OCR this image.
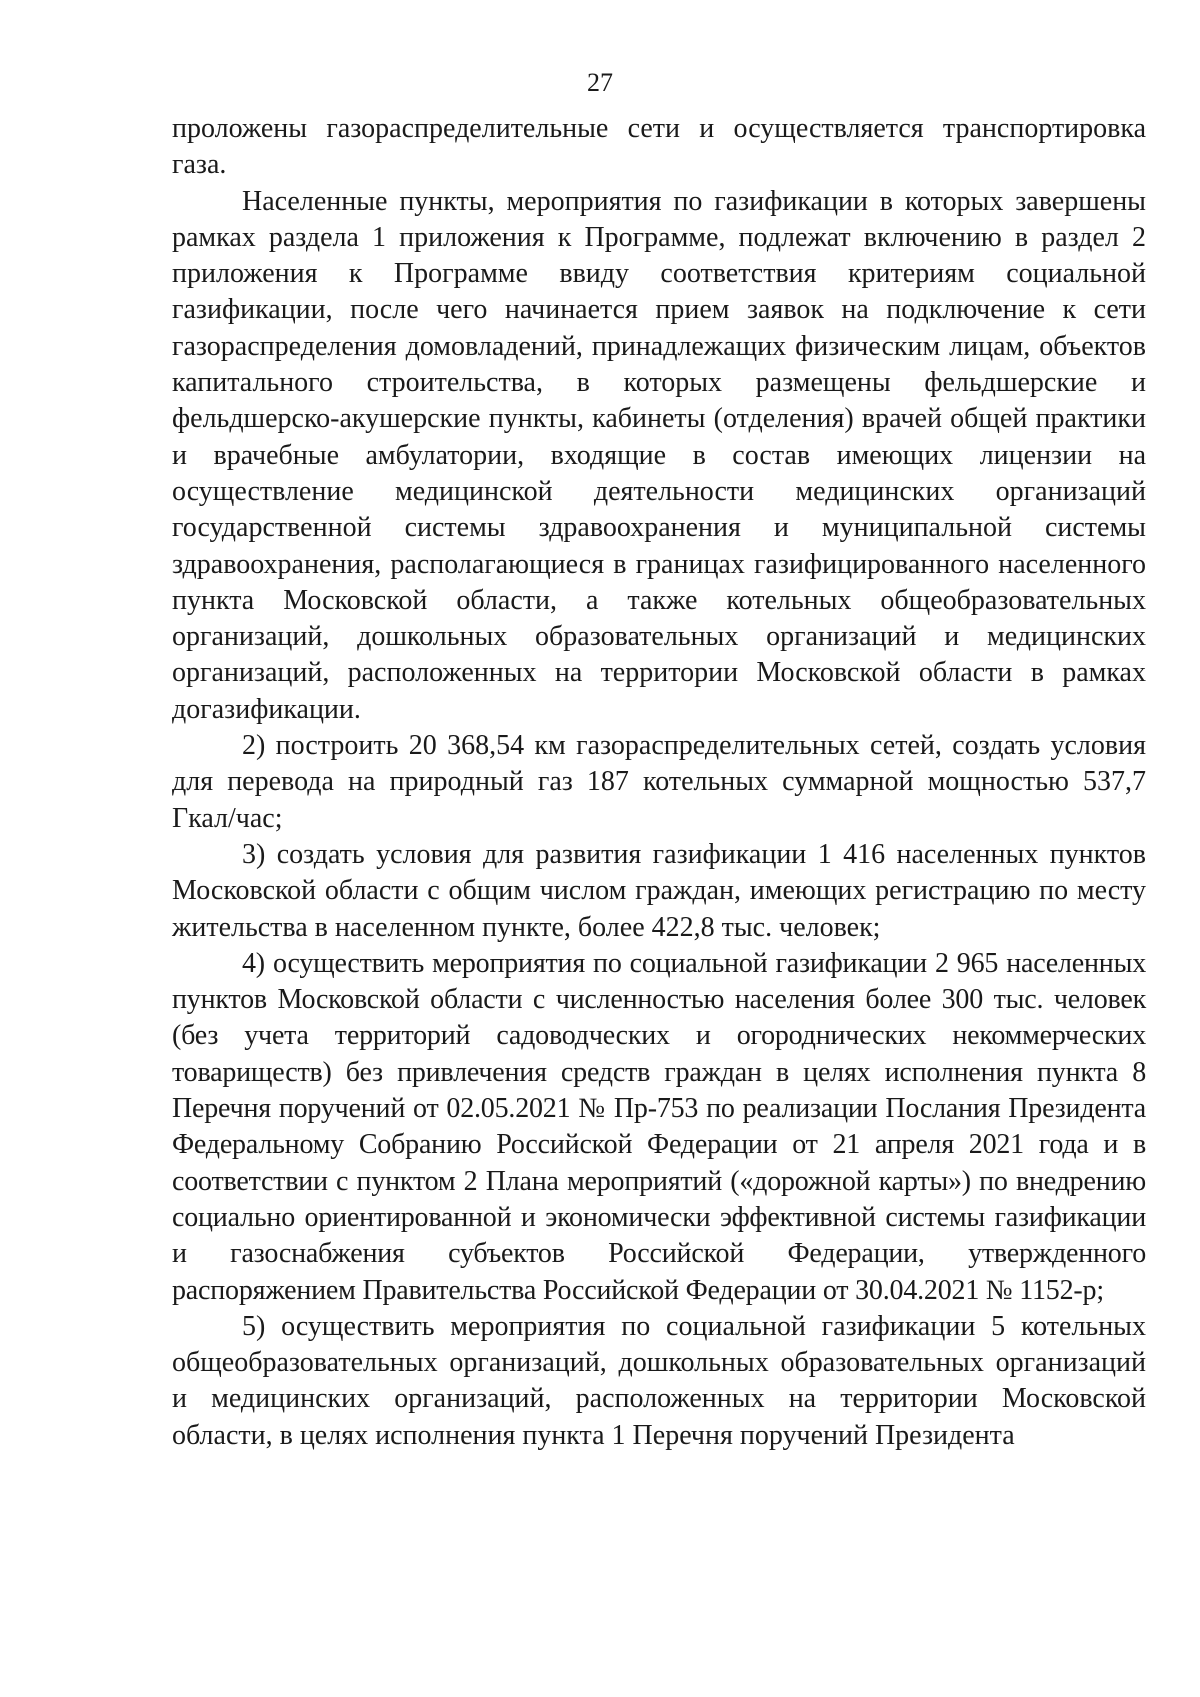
27

проложены газораспределительные сети и осуществляется транспортировка газа.

Населенные пункты, мероприятия по газификации в которых завершены рамках раздела 1 приложения к Программе, подлежат включению в раздел 2 приложения к Программе ввиду соответствия критериям социальной газификации, после чего начинается прием заявок на подключение к сети газораспределения домовладений, принадлежащих физическим лицам, объектов капитального строительства, в которых размещены фельдшерские и фельдшерско-акушерские пункты, кабинеты (отделения) врачей общей практики и врачебные амбулатории, входящие в состав имеющих лицензии на осуществление медицинской деятельности медицинских организаций государственной системы здравоохранения и муниципальной системы здравоохранения, располагающиеся в границах газифицированного населенного пункта Московской области, а также котельных общеобразовательных организаций, дошкольных образовательных организаций и медицинских организаций, расположенных на территории Московской области в рамках догазификации.

2) построить 20 368,54 км газораспределительных сетей, создать условия для перевода на природный газ 187 котельных суммарной мощностью 537,7 Гкал/час;

3) создать условия для развития газификации 1 416 населенных пунктов Московской области с общим числом граждан, имеющих регистрацию по месту жительства в населенном пункте, более 422,8 тыс. человек;

4) осуществить мероприятия по социальной газификации 2 965 населенных пунктов Московской области с численностью населения более 300 тыс. человек (без учета территорий садоводческих и огороднических некоммерческих товариществ) без привлечения средств граждан в целях исполнения пункта 8 Перечня поручений от 02.05.2021 № Пр-753 по реализации Послания Президента Федеральному Собранию Российской Федерации от 21 апреля 2021 года и в соответствии с пунктом 2 Плана мероприятий («дорожной карты») по внедрению социально ориентированной и экономически эффективной системы газификации и газоснабжения субъектов Российской Федерации, утвержденного распоряжением Правительства Российской Федерации от 30.04.2021 № 1152-р;

5) осуществить мероприятия по социальной газификации 5 котельных общеобразовательных организаций, дошкольных образовательных организаций и медицинских организаций, расположенных на территории Московской области, в целях исполнения пункта 1 Перечня поручений Президента
